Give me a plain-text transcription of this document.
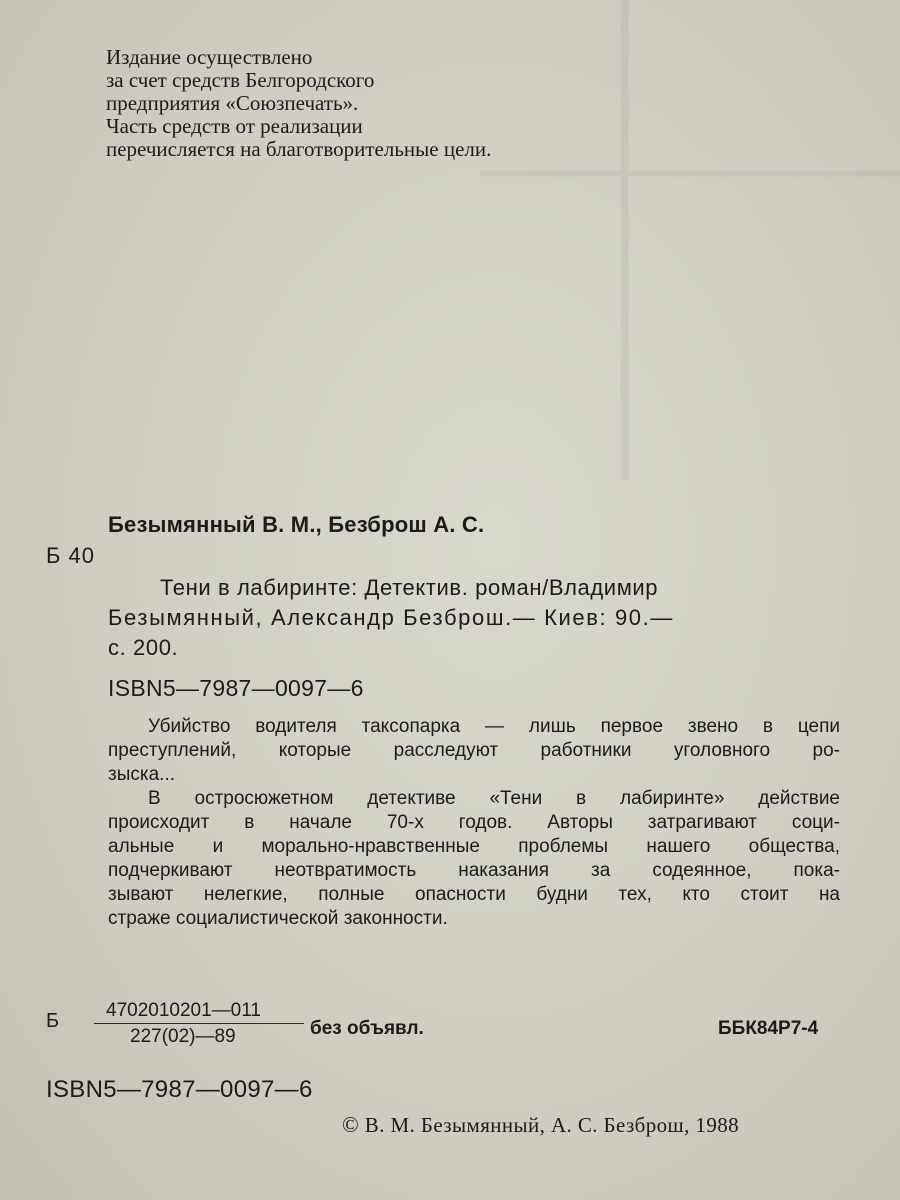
Издание осуществлено
за счет средств Белгородского
предприятия «Союзпечать».
Часть средств от реализации
перечисляется на благотворительные цели.
Безымянный В. М., Безброш А. С.
Б 40
Тени в лабиринте: Детектив. роман/Владимир
Безымянный, Александр Безброш.— Киев: 90.—
с. 200.
ISBN5—7987—0097—6
Убийство водителя таксопарка — лишь первое звено в цепи
преступлений, которые расследуют работники уголовного ро-
зыска...
В остросюжетном детективе «Тени в лабиринте» действие
происходит в начале 70-х годов. Авторы затрагивают соци-
альные и морально-нравственные проблемы нашего общества,
подчеркивают неотвратимость наказания за содеянное, пока-
зывают нелегкие, полные опасности будни тех, кто стоит на
страже социалистической законности.
Б $\frac{4702010201—011}{227(02)—89}$ без объявл.	ББК84Р7-4
ISBN5—7987—0097—6
© В. М. Безымянный, А. С. Безброш, 1988
